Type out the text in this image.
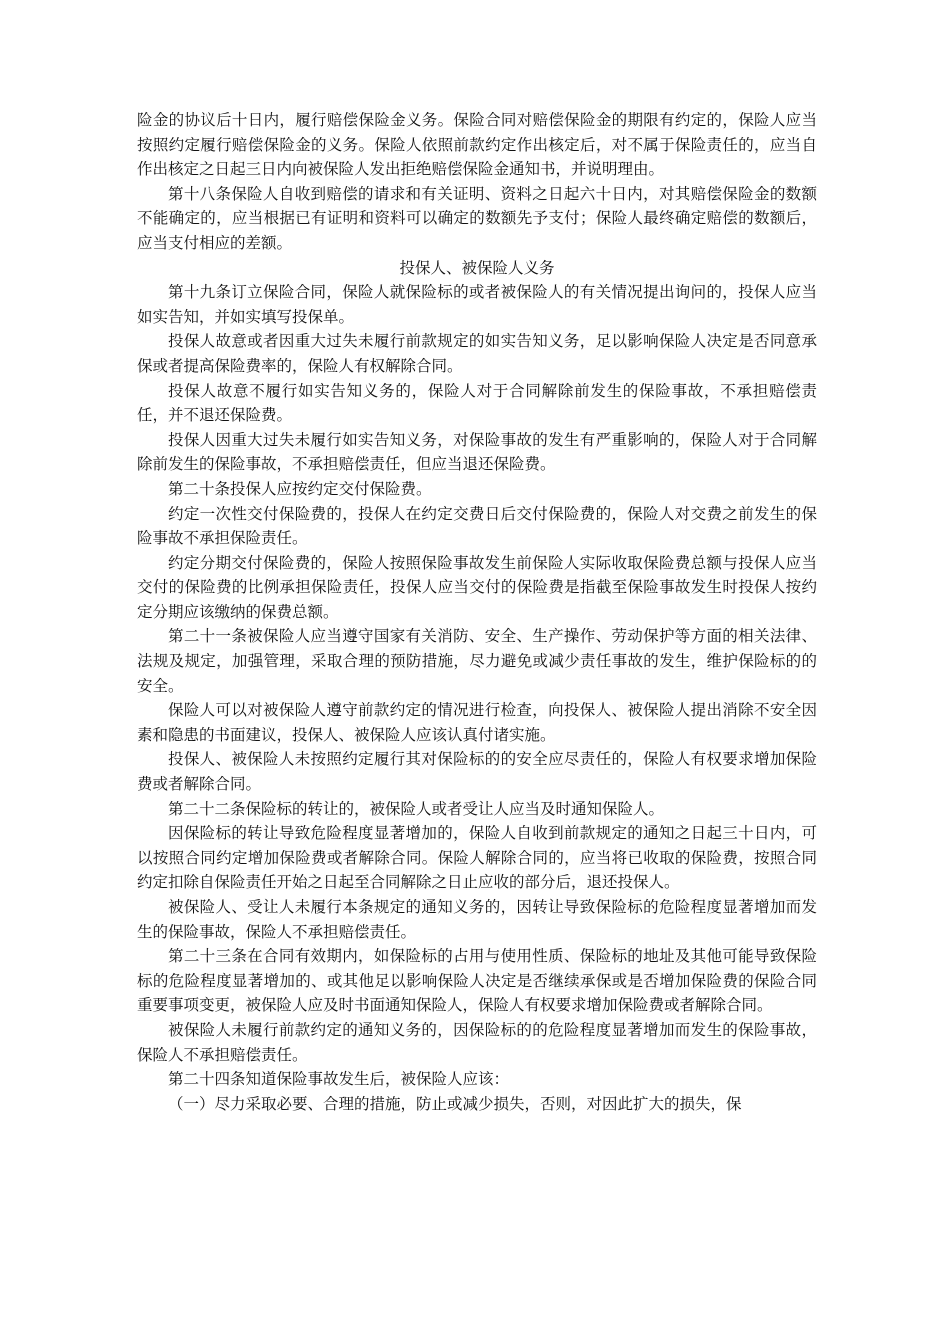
险金的协议后十日内，履行赔偿保险金义务。保险合同对赔偿保险金的期限有约定的，保险人应当按照约定履行赔偿保险金的义务。保险人依照前款约定作出核定后，对不属于保险责任的，应当自作出核定之日起三日内向被保险人发出拒绝赔偿保险金通知书，并说明理由。

第十八条保险人自收到赔偿的请求和有关证明、资料之日起六十日内，对其赔偿保险金的数额不能确定的，应当根据已有证明和资料可以确定的数额先予支付；保险人最终确定赔偿的数额后，应当支付相应的差额。

投保人、被保险人义务

第十九条订立保险合同，保险人就保险标的或者被保险人的有关情况提出询问的，投保人应当如实告知，并如实填写投保单。

投保人故意或者因重大过失未履行前款规定的如实告知义务，足以影响保险人决定是否同意承保或者提高保险费率的，保险人有权解除合同。

投保人故意不履行如实告知义务的，保险人对于合同解除前发生的保险事故，不承担赔偿责任，并不退还保险费。

投保人因重大过失未履行如实告知义务，对保险事故的发生有严重影响的，保险人对于合同解除前发生的保险事故，不承担赔偿责任，但应当退还保险费。

第二十条投保人应按约定交付保险费。

约定一次性交付保险费的，投保人在约定交费日后交付保险费的，保险人对交费之前发生的保险事故不承担保险责任。

约定分期交付保险费的，保险人按照保险事故发生前保险人实际收取保险费总额与投保人应当交付的保险费的比例承担保险责任，投保人应当交付的保险费是指截至保险事故发生时投保人按约定分期应该缴纳的保费总额。

第二十一条被保险人应当遵守国家有关消防、安全、生产操作、劳动保护等方面的相关法律、法规及规定，加强管理，采取合理的预防措施，尽力避免或减少责任事故的发生，维护保险标的的安全。

保险人可以对被保险人遵守前款约定的情况进行检查，向投保人、被保险人提出消除不安全因素和隐患的书面建议，投保人、被保险人应该认真付诸实施。

投保人、被保险人未按照约定履行其对保险标的的安全应尽责任的，保险人有权要求增加保险费或者解除合同。

第二十二条保险标的转让的，被保险人或者受让人应当及时通知保险人。

因保险标的转让导致危险程度显著增加的，保险人自收到前款规定的通知之日起三十日内，可以按照合同约定增加保险费或者解除合同。保险人解除合同的，应当将已收取的保险费，按照合同约定扣除自保险责任开始之日起至合同解除之日止应收的部分后，退还投保人。

被保险人、受让人未履行本条规定的通知义务的，因转让导致保险标的危险程度显著增加而发生的保险事故，保险人不承担赔偿责任。

第二十三条在合同有效期内，如保险标的占用与使用性质、保险标的地址及其他可能导致保险标的危险程度显著增加的、或其他足以影响保险人决定是否继续承保或是否增加保险费的保险合同重要事项变更，被保险人应及时书面通知保险人，保险人有权要求增加保险费或者解除合同。

被保险人未履行前款约定的通知义务的，因保险标的的危险程度显著增加而发生的保险事故，保险人不承担赔偿责任。

第二十四条知道保险事故发生后，被保险人应该：

（一）尽力采取必要、合理的措施，防止或减少损失，否则，对因此扩大的损失，保
